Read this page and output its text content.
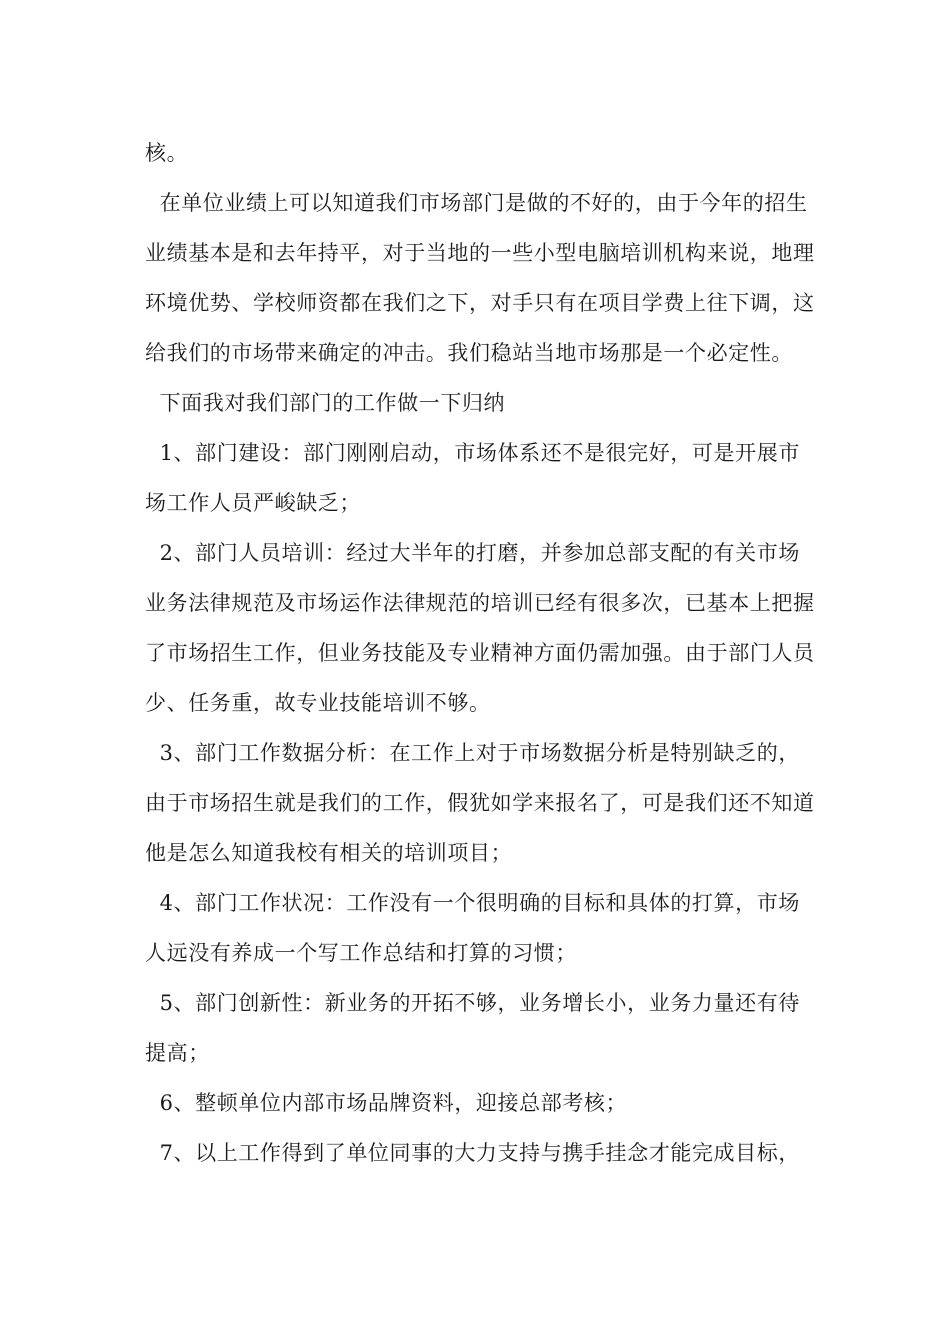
核。

在单位业绩上可以知道我们市场部门是做的不好的，由于今年的招生业绩基本是和去年持平，对于当地的一些小型电脑培训机构来说，地理环境优势、学校师资都在我们之下，对手只有在项目学费上往下调，这给我们的市场带来确定的冲击。我们稳站当地市场那是一个必定性。

下面我对我们部门的工作做一下归纳

1、部门建设：部门刚刚启动，市场体系还不是很完好，可是开展市场工作人员严峻缺乏；

2、部门人员培训：经过大半年的打磨，并参加总部支配的有关市场业务法律规范及市场运作法律规范的培训已经有很多次，已基本上把握了市场招生工作，但业务技能及专业精神方面仍需加强。由于部门人员少、任务重，故专业技能培训不够。

3、部门工作数据分析：在工作上对于市场数据分析是特别缺乏的，由于市场招生就是我们的工作，假犹如学来报名了，可是我们还不知道他是怎么知道我校有相关的培训项目；

4、部门工作状况：工作没有一个很明确的目标和具体的打算，市场人远没有养成一个写工作总结和打算的习惯；

5、部门创新性：新业务的开拓不够，业务增长小，业务力量还有待提高；

6、整顿单位内部市场品牌资料，迎接总部考核；

7、以上工作得到了单位同事的大力支持与携手挂念才能完成目标，
